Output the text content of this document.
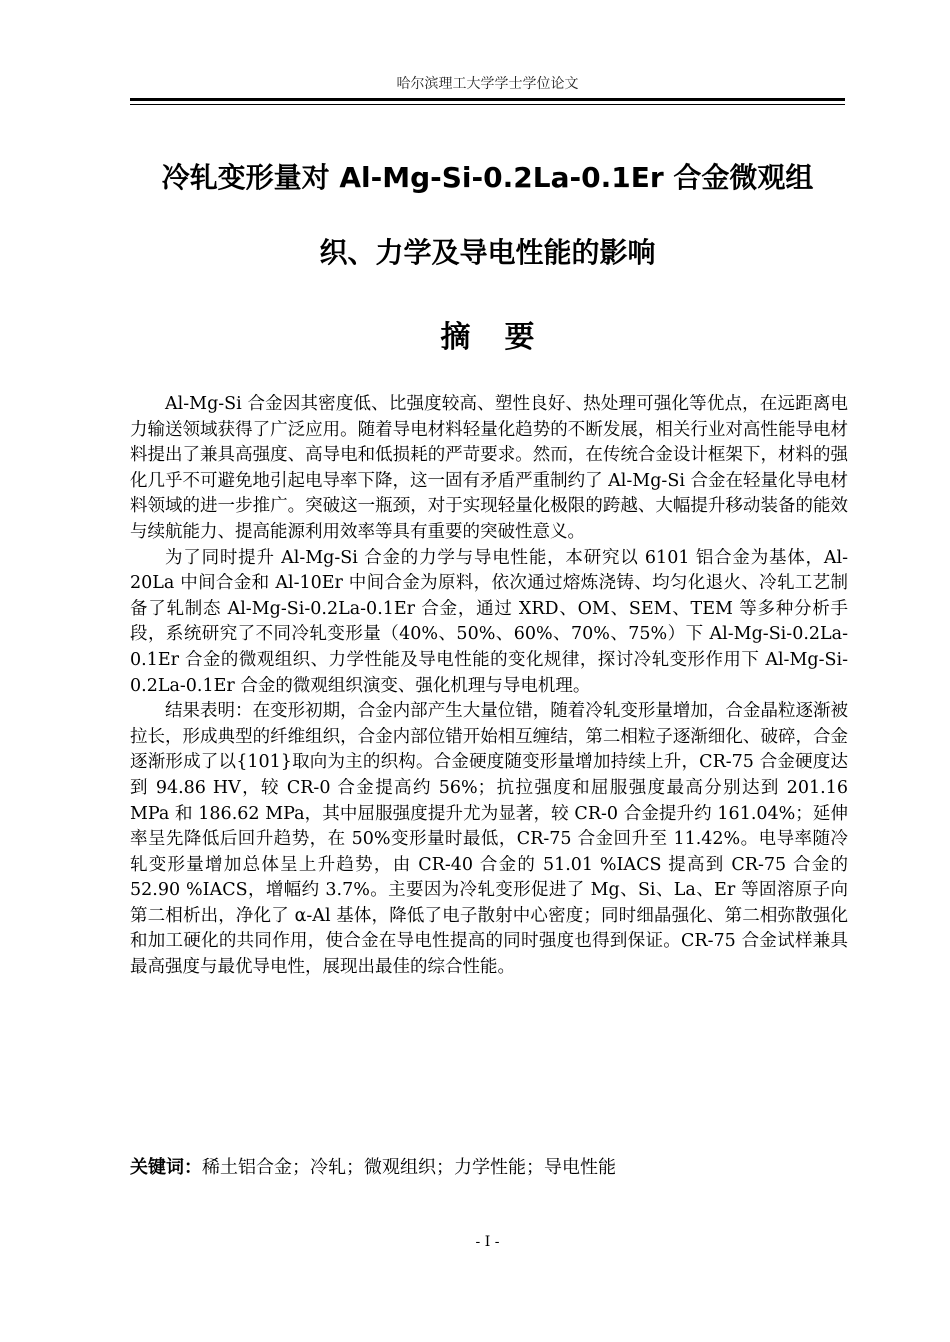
哈尔滨理工大学学士学位论文
冷轧变形量对 Al-Mg-Si-0.2La-0.1Er 合金微观组
织、力学及导电性能的影响
摘要

Al-Mg-Si 合金因其密度低、比强度较高、塑性良好、热处理可强化等优点，在远距离电力输送领域获得了广泛应用。随着导电材料轻量化趋势的不断发展，相关行业对高性能导电材料提出了兼具高强度、高导电和低损耗的严苛要求。然而，在传统合金设计框架下，材料的强化几乎不可避免地引起电导率下降，这一固有矛盾严重制约了 Al-Mg-Si 合金在轻量化导电材料领域的进一步推广。突破这一瓶颈，对于实现轻量化极限的跨越、大幅提升移动装备的能效与续航能力、提高能源利用效率等具有重要的突破性意义。

为了同时提升 Al-Mg-Si 合金的力学与导电性能，本研究以 6101 铝合金为基体，Al-20La 中间合金和 Al-10Er 中间合金为原料，依次通过熔炼浇铸、均匀化退火、冷轧工艺制备了轧制态 Al-Mg-Si-0.2La-0.1Er 合金，通过 XRD、OM、SEM、TEM 等多种分析手段，系统研究了不同冷轧变形量（40%、50%、60%、70%、75%）下 Al-Mg-Si-0.2La-0.1Er 合金的微观组织、力学性能及导电性能的变化规律，探讨冷轧变形作用下 Al-Mg-Si-0.2La-0.1Er 合金的微观组织演变、强化机理与导电机理。

结果表明：在变形初期，合金内部产生大量位错，随着冷轧变形量增加，合金晶粒逐渐被拉长，形成典型的纤维组织，合金内部位错开始相互缠结，第二相粒子逐渐细化、破碎，合金逐渐形成了以{101}取向为主的织构。合金硬度随变形量增加持续上升，CR-75 合金硬度达到 94.86 HV，较 CR-0 合金提高约 56%；抗拉强度和屈服强度最高分别达到 201.16 MPa 和 186.62 MPa，其中屈服强度提升尤为显著，较 CR-0 合金提升约 161.04%；延伸率呈先降低后回升趋势，在 50%变形量时最低，CR-75 合金回升至 11.42%。电导率随冷轧变形量增加总体呈上升趋势，由 CR-40 合金的 51.01 %IACS 提高到 CR-75 合金的 52.90 %IACS，增幅约 3.7%。主要因为冷轧变形促进了 Mg、Si、La、Er 等固溶原子向第二相析出，净化了 α-Al 基体，降低了电子散射中心密度；同时细晶强化、第二相弥散强化和加工硬化的共同作用，使合金在导电性提高的同时强度也得到保证。CR-75 合金试样兼具最高强度与最优导电性，展现出最佳的综合性能。

关键词：稀土铝合金；冷轧；微观组织；力学性能；导电性能
- I -
